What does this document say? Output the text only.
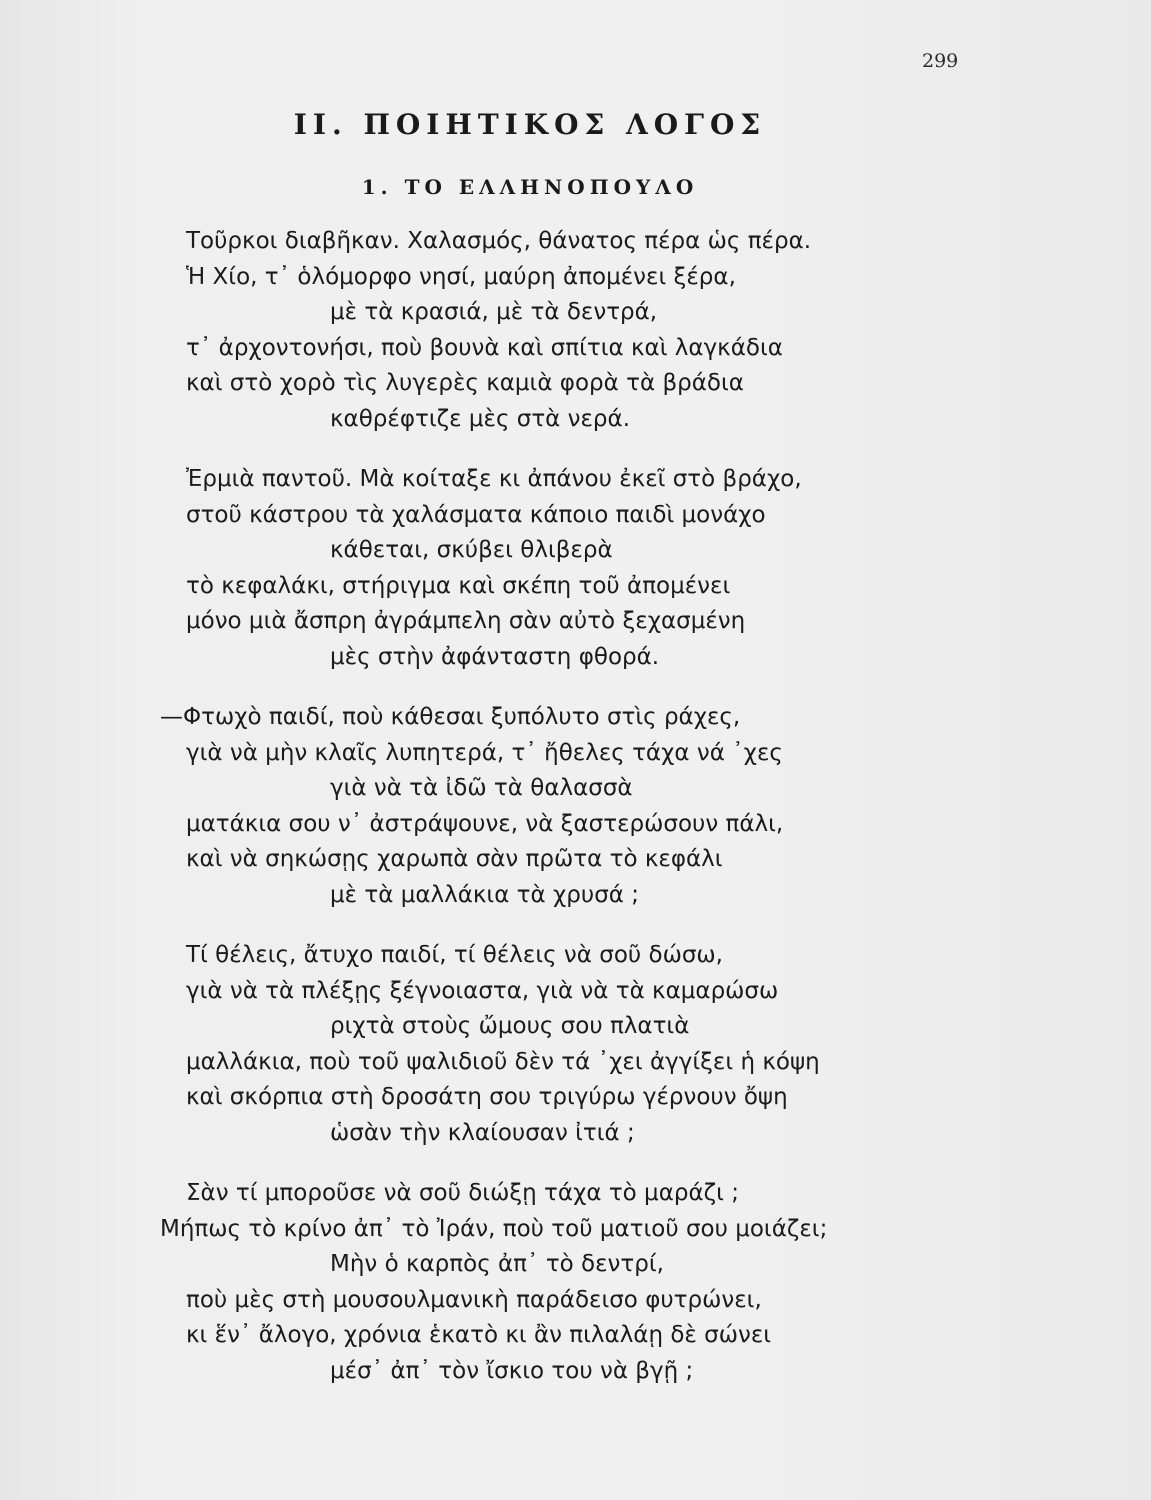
299
ΙΙ. ΠΟΙΗΤΙΚΟΣ ΛΟΓΟΣ
1. ΤΟ ΕΛΛΗΝΟΠΟΥΛΟ
Τοῦρκοι διαβῆκαν. Χαλασμός, θάνατος πέρα ὡς πέρα.
Ἡ Χίο, τ᾽ ὁλόμορφο νησί, μαύρη ἀπομένει ξέρα,
μὲ τὰ κρασιά, μὲ τὰ δεντρά,
τ᾽ ἀρχοντονήσι, ποὺ βουνὰ καὶ σπίτια καὶ λαγκάδια
καὶ στὸ χορὸ τὶς λυγερὲς καμιὰ φορὰ τὰ βράδια
καθρέφτιζε μὲς στὰ νερά.
Ἐρμιὰ παντοῦ. Μὰ κοίταξε κι ἀπάνου ἐκεῖ στὸ βράχο,
στοῦ κάστρου τὰ χαλάσματα κάποιο παιδὶ μονάχο
κάθεται, σκύβει θλιβερὰ
τὸ κεφαλάκι, στήριγμα καὶ σκέπη τοῦ ἀπομένει
μόνο μιὰ ἄσπρη ἀγράμπελη σὰν αὐτὸ ξεχασμένη
μὲς στὴν ἀφάνταστη φθορά.
—Φτωχὸ παιδί, ποὺ κάθεσαι ξυπόλυτο στὶς ράχες,
γιὰ νὰ μὴν κλαῖς λυπητερά, τ᾽ ἤθελες τάχα νά ᾽χες
γιὰ νὰ τὰ ἰδῶ τὰ θαλασσὰ
ματάκια σου ν᾽ ἀστράψουνε, νὰ ξαστερώσουν πάλι,
καὶ νὰ σηκώσῃς χαρωπὰ σὰν πρῶτα τὸ κεφάλι
μὲ τὰ μαλλάκια τὰ χρυσά ;
Τί θέλεις, ἄτυχο παιδί, τί θέλεις νὰ σοῦ δώσω,
γιὰ νὰ τὰ πλέξῃς ξέγνοιαστα, γιὰ νὰ τὰ καμαρώσω
ριχτὰ στοὺς ὤμους σου πλατιὰ
μαλλάκια, ποὺ τοῦ ψαλιδιοῦ δὲν τά ᾽χει ἀγγίξει ἡ κόψη
καὶ σκόρπια στὴ δροσάτη σου τριγύρω γέρνουν ὄψη
ὡσὰν τὴν κλαίουσαν ἰτιά ;
Σὰν τί μποροῦσε νὰ σοῦ διώξῃ τάχα τὸ μαράζι ;
Μήπως τὸ κρίνο ἀπ᾽ τὸ Ἰράν, ποὺ τοῦ ματιοῦ σου μοιάζει;
Μὴν ὁ καρπὸς ἀπ᾽ τὸ δεντρί,
ποὺ μὲς στὴ μουσουλμανικὴ παράδεισο φυτρώνει,
κι ἕν᾽ ἄλογο, χρόνια ἑκατὸ κι ἂν πιλαλάῃ δὲ σώνει
μέσ᾽ ἀπ᾽ τὸν ἴσκιο του νὰ βγῇ ;
